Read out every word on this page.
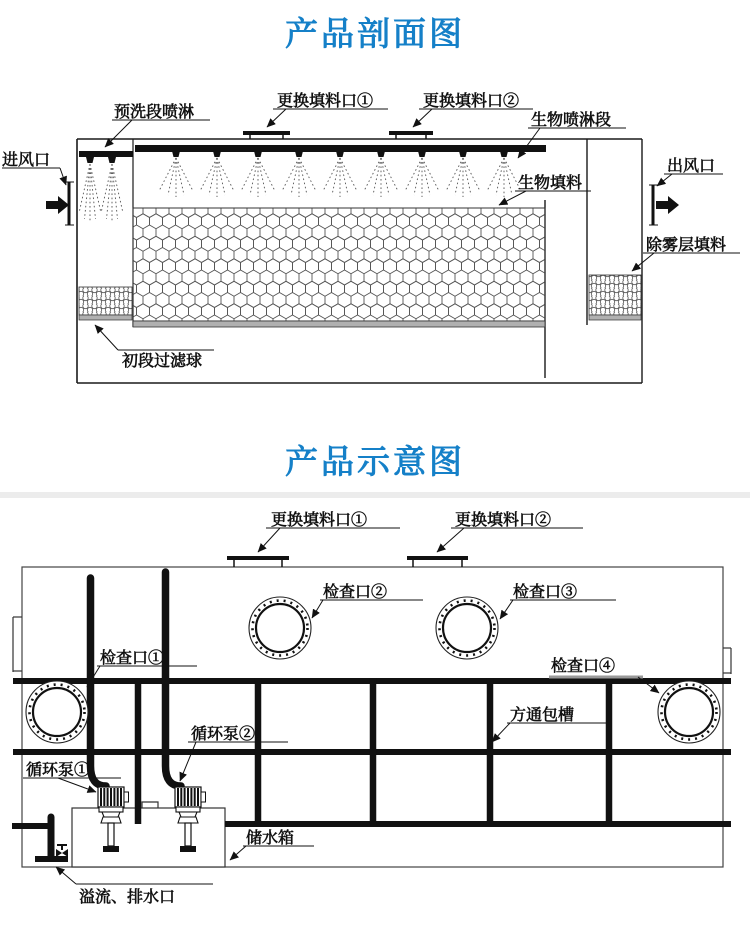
产品剖面图
产品示意图
进风口
预洗段喷淋
更换填料口①	更换填料口②
生物喷淋段
生物填料
出风口
除雾层填料
初段过滤球
更换填料口①	更换填料口②
检查口①
检查口②	检查口③
检查口④
方通包槽
循环泵②
循环泵①
储水箱
溢流、排水口
